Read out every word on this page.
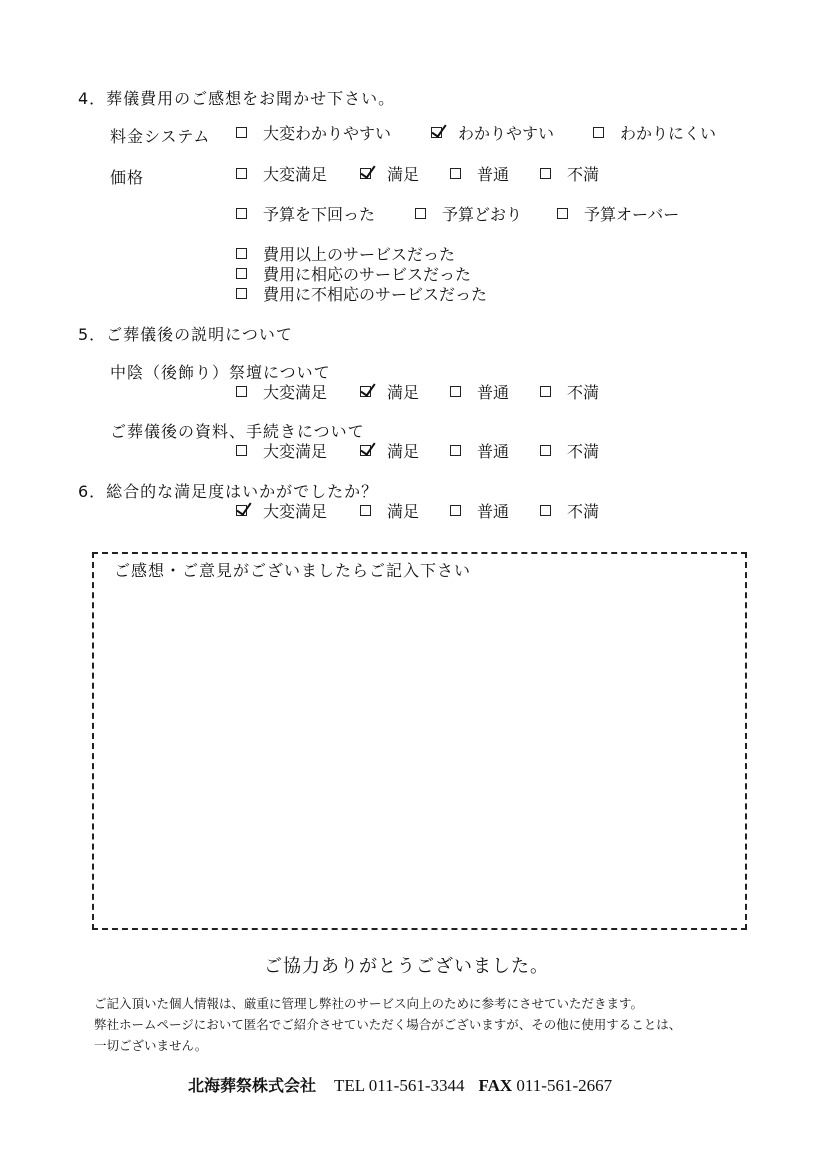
4．葬儀費用のご感想をお聞かせ下さい。
料金システム	大変わかりやすい	わかりやすい	わかりにくい
価格	大変満足	満足	普通	不満
予算を下回った	予算どおり	予算オーバー
費用以上のサービスだった
費用に相応のサービスだった
費用に不相応のサービスだった
5．ご葬儀後の説明について
中陰（後飾り）祭壇について
大変満足	満足	普通	不満
ご葬儀後の資料、手続きについて
大変満足	満足	普通	不満
6．総合的な満足度はいかがでしたか？
大変満足	満足	普通	不満
ご感想・ご意見がございましたらご記入下さい
ご協力ありがとうございました。
ご記入頂いた個人情報は、厳重に管理し弊社のサービス向上のために参考にさせていただきます。
弊社ホームページにおいて匿名でご紹介させていただく場合がございますが、その他に使用することは、
一切ございません。
北海葬祭株式会社 TEL 011-561-3344 FAX 011-561-2667
